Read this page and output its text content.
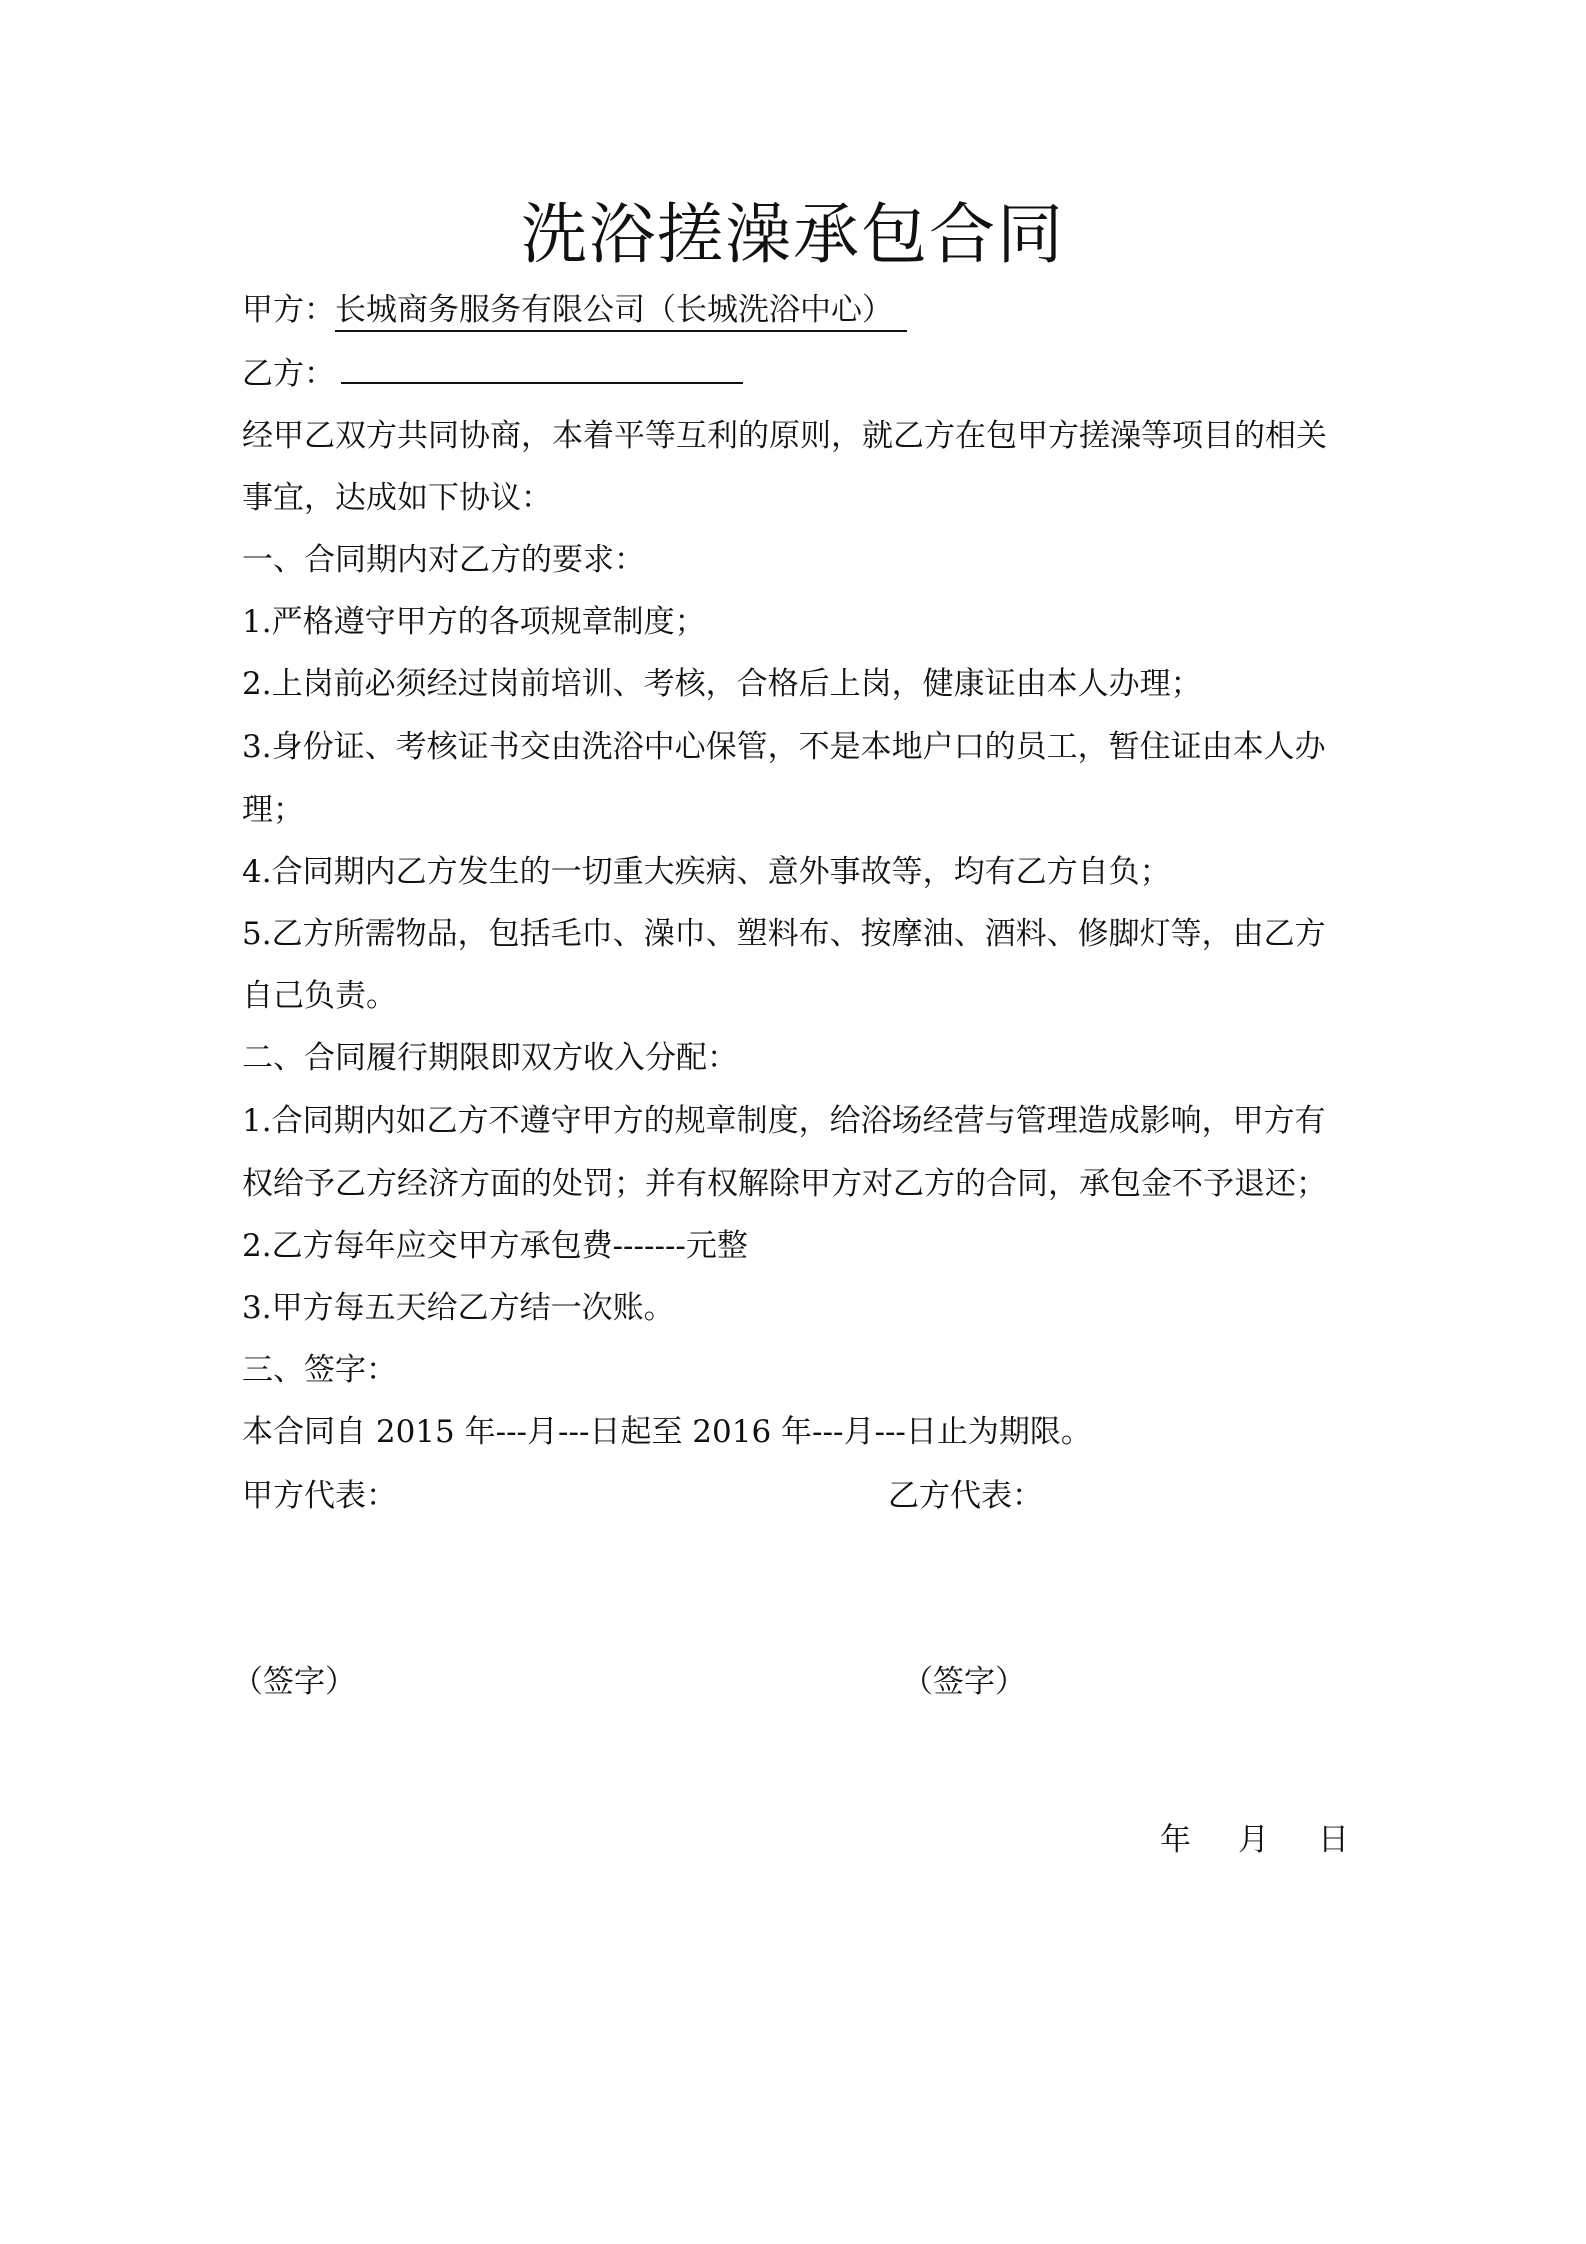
洗浴搓澡承包合同
甲方：长城商务服务有限公司（长城洗浴中心）
乙方：
经甲乙双方共同协商，本着平等互利的原则，就乙方在包甲方搓澡等项目的相关
事宜，达成如下协议：
一、合同期内对乙方的要求：
1.严格遵守甲方的各项规章制度；
2.上岗前必须经过岗前培训、考核，合格后上岗，健康证由本人办理；
3.身份证、考核证书交由洗浴中心保管，不是本地户口的员工，暂住证由本人办
理；
4.合同期内乙方发生的一切重大疾病、意外事故等，均有乙方自负；
5.乙方所需物品，包括毛巾、澡巾、塑料布、按摩油、酒料、修脚灯等，由乙方
自己负责。
二、合同履行期限即双方收入分配：
1.合同期内如乙方不遵守甲方的规章制度，给浴场经营与管理造成影响，甲方有
权给予乙方经济方面的处罚；并有权解除甲方对乙方的合同，承包金不予退还；
2.乙方每年应交甲方承包费-------元整
3.甲方每五天给乙方结一次账。
三、签字：
本合同自 2015 年---月---日起至 2016 年---月---日止为期限。
甲方代表：	乙方代表：
（签字）	（签字）
年 月 日
